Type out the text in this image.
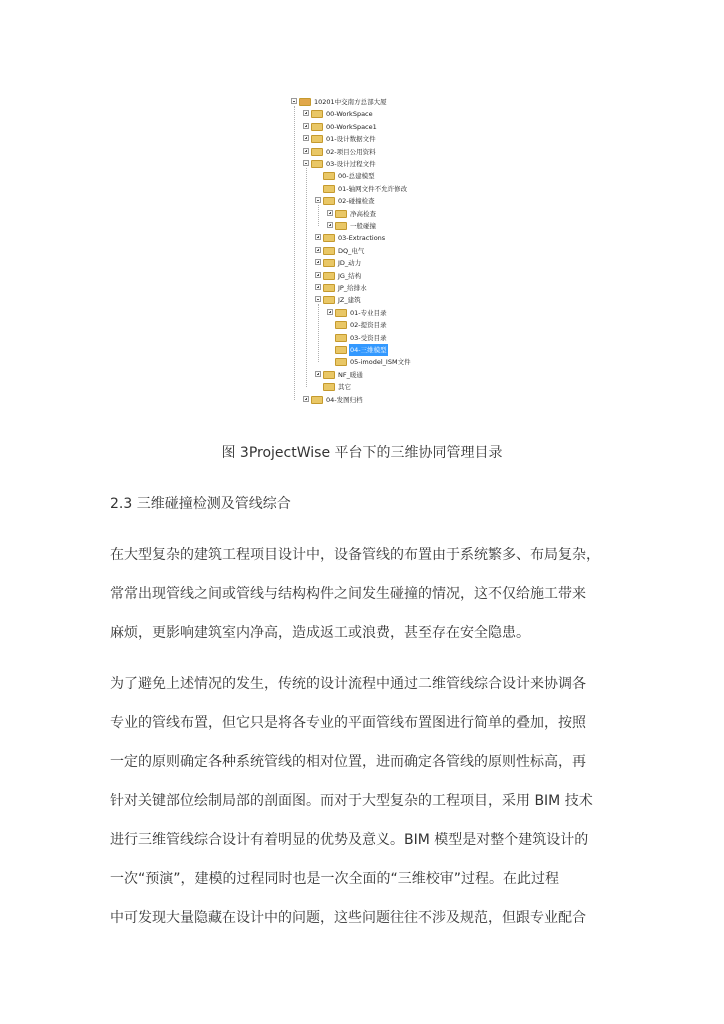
10201中交南方总部大厦
00-WorkSpace
00-WorkSpace1
01-设计数据文件
02-项目公用资料
03-设计过程文件
00-总建模型
01-轴网文件不允许修改
02-碰撞检查
净高检查
一般碰撞
03-Extractions
DQ_电气
JD_动力
JG_结构
JP_给排水
JZ_建筑
01-专业目录
02-提资目录
03-受资目录
04-三维模型
05-imodel_ISM文件
NF_暖通
其它
04-发图归档
图 3ProjectWise 平台下的三维协同管理目录
2.3 三维碰撞检测及管线综合
在大型复杂的建筑工程项目设计中，设备管线的布置由于系统繁多、布局复杂，
常常出现管线之间或管线与结构构件之间发生碰撞的情况，这不仅给施工带来
麻烦，更影响建筑室内净高，造成返工或浪费，甚至存在安全隐患。
为了避免上述情况的发生，传统的设计流程中通过二维管线综合设计来协调各
专业的管线布置，但它只是将各专业的平面管线布置图进行简单的叠加，按照
一定的原则确定各种系统管线的相对位置，进而确定各管线的原则性标高，再
针对关键部位绘制局部的剖面图。而对于大型复杂的工程项目，采用 BIM 技术
进行三维管线综合设计有着明显的优势及意义。BIM 模型是对整个建筑设计的
一次“预演”，建模的过程同时也是一次全面的“三维校审”过程。在此过程
中可发现大量隐藏在设计中的问题，这些问题往往不涉及规范，但跟专业配合
